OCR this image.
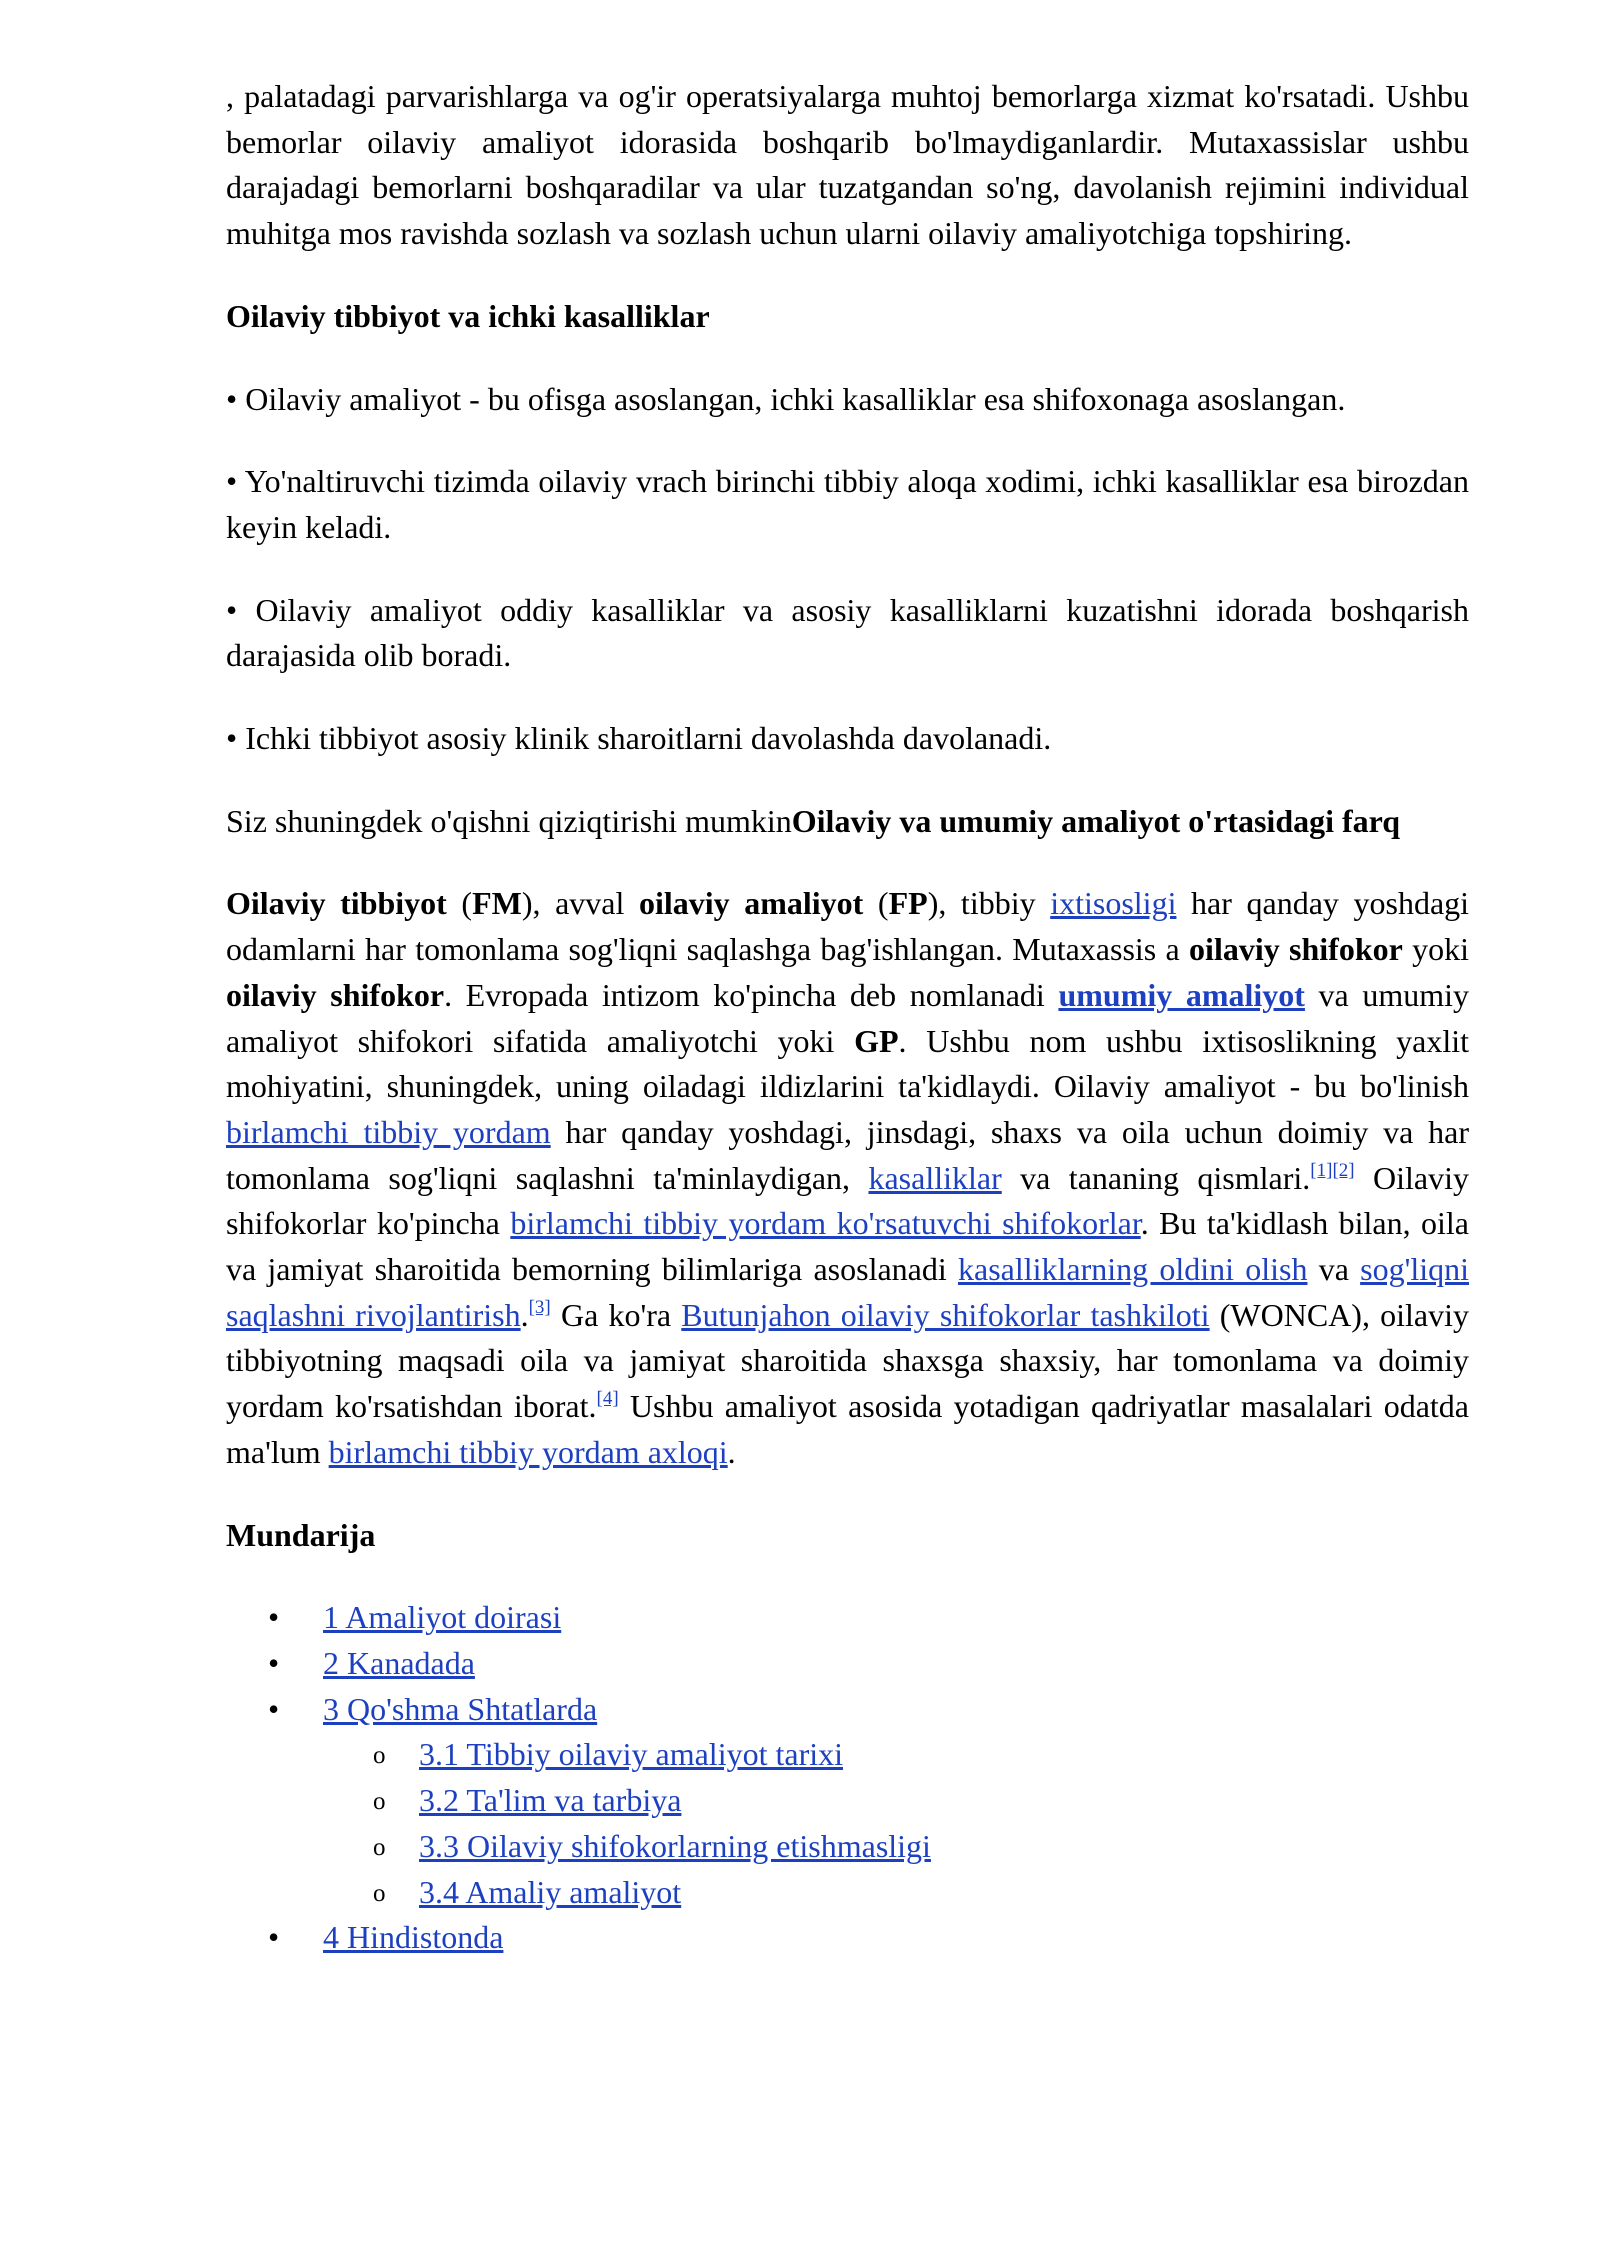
, palatadagi parvarishlarga va og'ir operatsiyalarga muhtoj bemorlarga xizmat ko'rsatadi. Ushbu bemorlar oilaviy amaliyot idorasida boshqarib bo'lmaydiganlardir. Mutaxassislar ushbu darajadagi bemorlarni boshqaradilar va ular tuzatgandan so'ng, davolanish rejimini individual muhitga mos ravishda sozlash va sozlash uchun ularni oilaviy amaliyotchiga topshiring.

Oilaviy tibbiyot va ichki kasalliklar

• Oilaviy amaliyot - bu ofisga asoslangan, ichki kasalliklar esa shifoxonaga asoslangan.

• Yo'naltiruvchi tizimda oilaviy vrach birinchi tibbiy aloqa xodimi, ichki kasalliklar esa birozdan keyin keladi.

• Oilaviy amaliyot oddiy kasalliklar va asosiy kasalliklarni kuzatishni idorada boshqarish darajasida olib boradi.

• Ichki tibbiyot asosiy klinik sharoitlarni davolashda davolanadi.

Siz shuningdek o'qishni qiziqtirishi mumkinOilaviy va umumiy amaliyot o'rtasidagi farq

Oilaviy tibbiyot (FM), avval oilaviy amaliyot (FP), tibbiy ixtisosligi har qanday yoshdagi odamlarni har tomonlama sog'liqni saqlashga bag'ishlangan. Mutaxassis a oilaviy shifokor yoki oilaviy shifokor. Evropada intizom ko'pincha deb nomlanadi umumiy amaliyot va umumiy amaliyot shifokori sifatida amaliyotchi yoki GP. Ushbu nom ushbu ixtisoslikning yaxlit mohiyatini, shuningdek, uning oiladagi ildizlarini ta'kidlaydi. Oilaviy amaliyot - bu bo'linish birlamchi tibbiy yordam har qanday yoshdagi, jinsdagi, shaxs va oila uchun doimiy va har tomonlama sog'liqni saqlashni ta'minlaydigan, kasalliklar va tananing qismlari.[1][2] Oilaviy shifokorlar ko'pincha birlamchi tibbiy yordam ko'rsatuvchi shifokorlar. Bu ta'kidlash bilan, oila va jamiyat sharoitida bemorning bilimlariga asoslanadi kasalliklarning oldini olish va sog'liqni saqlashni rivojlantirish.[3] Ga ko'ra Butunjahon oilaviy shifokorlar tashkiloti (WONCA), oilaviy tibbiyotning maqsadi oila va jamiyat sharoitida shaxsga shaxsiy, har tomonlama va doimiy yordam ko'rsatishdan iborat.[4] Ushbu amaliyot asosida yotadigan qadriyatlar masalalari odatda ma'lum birlamchi tibbiy yordam axloqi.

Mundarija
• 1 Amaliyot doirasi
• 2 Kanadada
• 3 Qo'shma Shtatlarda
o 3.1 Tibbiy oilaviy amaliyot tarixi
o 3.2 Ta'lim va tarbiya
o 3.3 Oilaviy shifokorlarning etishmasligi
o 3.4 Amaliy amaliyot
• 4 Hindistonda
